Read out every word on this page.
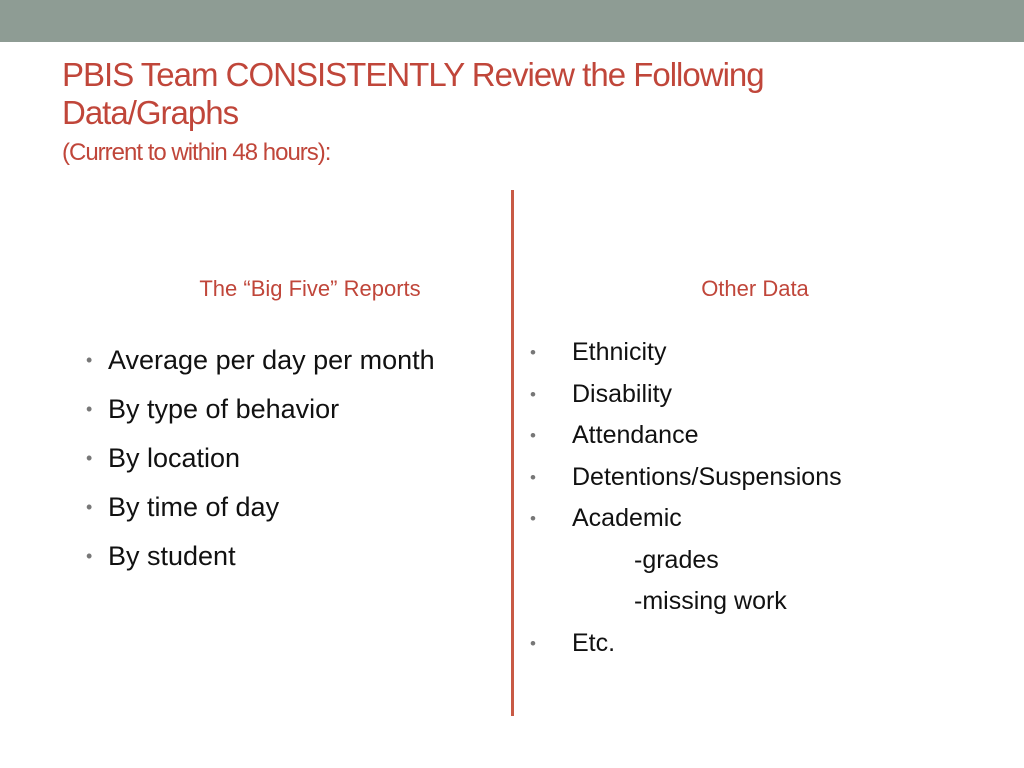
PBIS Team CONSISTENTLY Review the Following
Data/Graphs
(Current to within 48 hours):
The “Big Five” Reports	Other Data
• Average per day per month
• By type of behavior
• By location
• By time of day
• By student
• Ethnicity
• Disability
• Attendance
• Detentions/Suspensions
• Academic
-grades
-missing work
• Etc.
